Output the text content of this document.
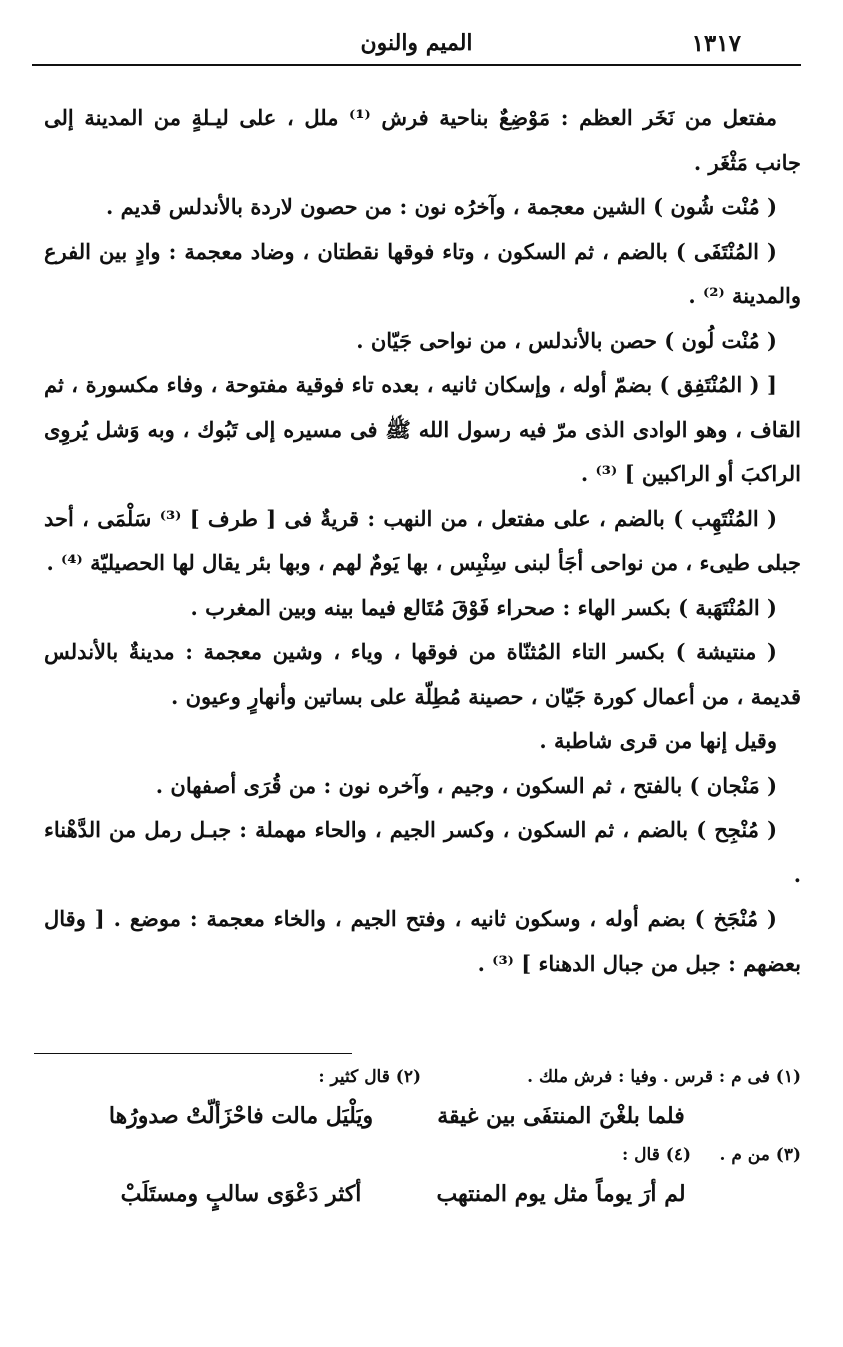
الميم والنون	١٣١٧

مفتعل من نَخَر العظم : مَوْضِعٌ بناحية فرش ⁽¹⁾ ملل ، على ليـلةٍ من المدينة إلى جانب مَثْغَر .

( مُنْت شُون ) الشين معجمة ، وآخرُه نون : من حصون لاردة بالأندلس قديم .

( المُنْتَفَى ) بالضم ، ثم السكون ، وتاء فوقها نقطتان ، وضاد معجمة : وادٍ بين الفرع والمدينة ⁽²⁾ .

( مُنْت لُون ) حصن بالأندلس ، من نواحى جَيّان .

[ ( المُنْتَفِق ) بضمّ أوله ، وإسكان ثانيه ، بعده تاء فوقية مفتوحة ، وفاء مكسورة ، ثم القاف ، وهو الوادى الذى مرّ فيه رسول الله ﷺ فى مسيره إلى تَبُوك ، وبه وَشل يُروِى الراكبَ أو الراكبين ] ⁽³⁾ .

( المُنْتَهِب ) بالضم ، على مفتعل ، من النهب : قريةٌ فى [ طرف ] ⁽³⁾ سَلْمَى ، أحد جبلى طيىء ، من نواحى أجَأ لبنى سِنْبِس ، بها يَومٌ لهم ، وبها بئر يقال لها الحصيليّة ⁽⁴⁾ .

( المُنْتَهَبة ) بكسر الهاء : صحراء فَوْقَ مُتَالع فيما بينه وبين المغرب .

( منتيشة ) بكسر التاء المُثنّاة من فوقها ، وياء ، وشين معجمة : مدينةٌ بالأندلس قديمة ، من أعمال كورة جَيّان ، حصينة مُطِلّة على بساتين وأنهارٍ وعيون .

وقيل إنها من قرى شاطبة .

( مَنْجان ) بالفتح ، ثم السكون ، وجيم ، وآخره نون : من قُرَى أصفهان .

( مُنْجِح ) بالضم ، ثم السكون ، وكسر الجيم ، والحاء مهملة : جبـل رمل من الدَّهْناء .

( مُنْجَخ ) بضم أوله ، وسكون ثانيه ، وفتح الجيم ، والخاء معجمة : موضع . [ وقال بعضهم : جبل من جبال الدهناء ] ⁽³⁾ .

(١) فى م : قرس . وفيا : فرش ملك .
(٢) قال كثير :
فلما بلغْنَ المنتفَى بين غيقة
ويَلْيَل مالت فاحْزَألّتْ صدورُها
(٣) من م .
(٤) قال :
لم أرَ يوماً مثل يوم المنتهب
أكثر دَعْوَى سالبٍ ومستَلَبْ
